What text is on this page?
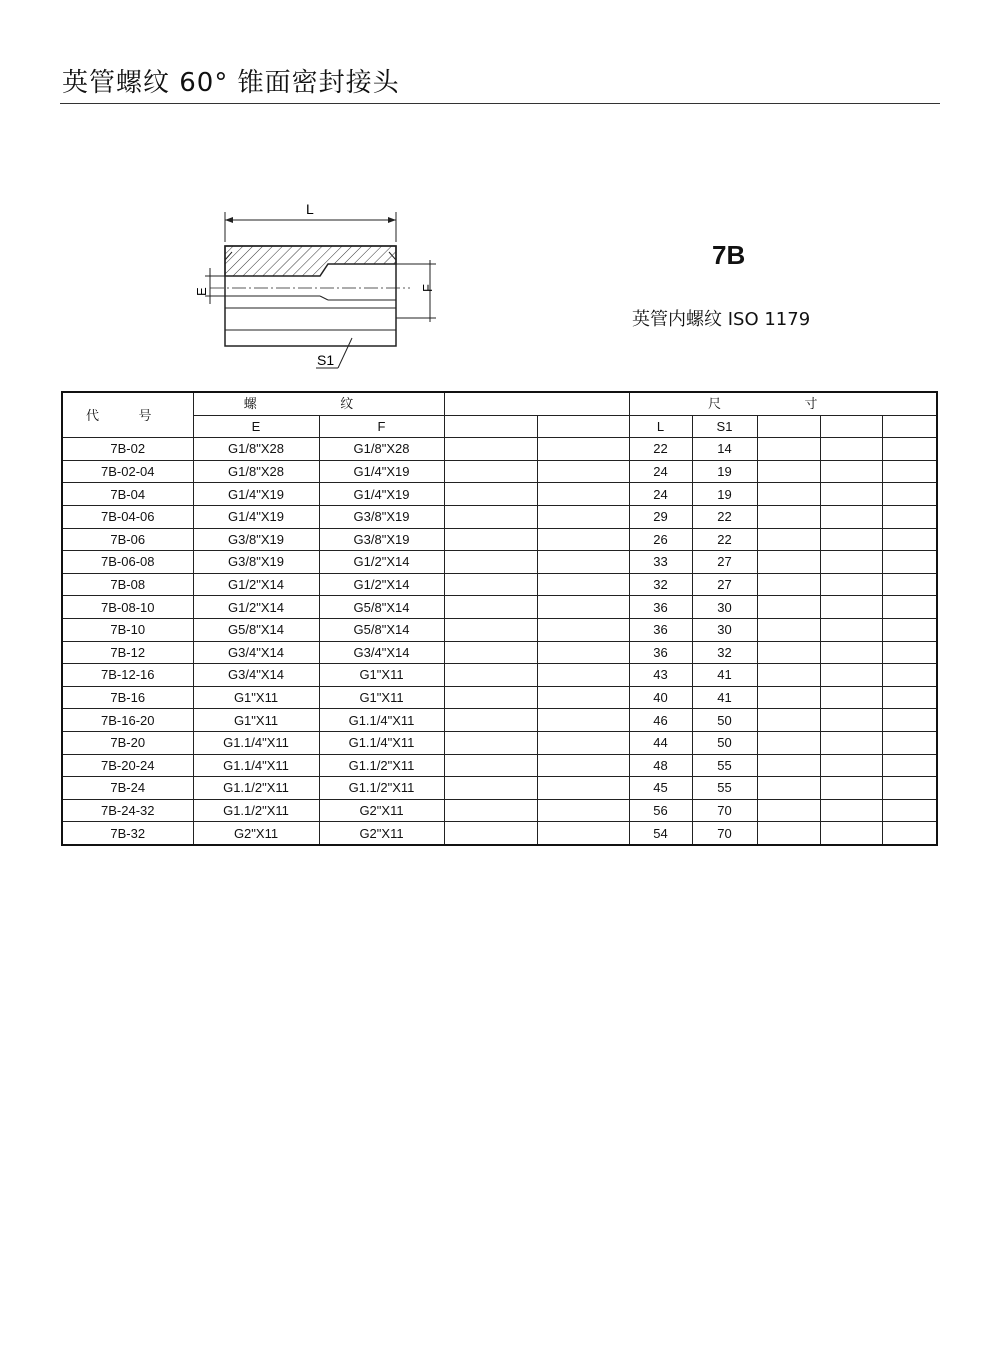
英管螺纹 60° 锥面密封接头
L
E	F
S1
7B
英管内螺纹 ISO 1179
代 号	螺 纹				尺 寸				
	E	F			L	S1			
7B-02	G1/8"X28	G1/8"X28			22	14			
7B-02-04	G1/8"X28	G1/4"X19			24	19			
7B-04	G1/4"X19	G1/4"X19			24	19			
7B-04-06	G1/4"X19	G3/8"X19			29	22			
7B-06	G3/8"X19	G3/8"X19			26	22			
7B-06-08	G3/8"X19	G1/2"X14			33	27			
7B-08	G1/2"X14	G1/2"X14			32	27			
7B-08-10	G1/2"X14	G5/8"X14			36	30			
7B-10	G5/8"X14	G5/8"X14			36	30			
7B-12	G3/4"X14	G3/4"X14			36	32			
7B-12-16	G3/4"X14	G1"X11			43	41			
7B-16	G1"X11	G1"X11			40	41			
7B-16-20	G1"X11	G1.1/4"X11			46	50			
7B-20	G1.1/4"X11	G1.1/4"X11			44	50			
7B-20-24	G1.1/4"X11	G1.1/2"X11			48	55			
7B-24	G1.1/2"X11	G1.1/2"X11			45	55			
7B-24-32	G1.1/2"X11	G2"X11			56	70			
7B-32	G2"X11	G2"X11			54	70			
